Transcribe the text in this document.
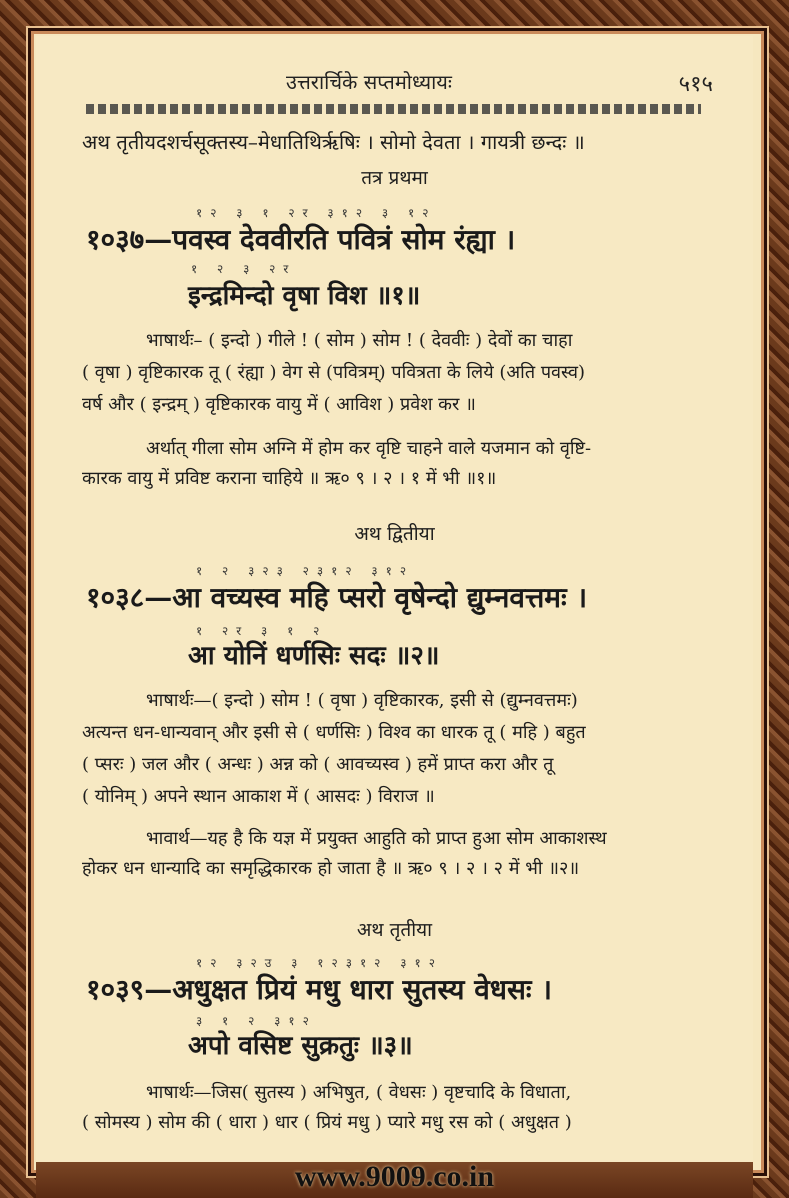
उत्तरार्चिके सप्तमोध्यायः	५१५
अथ तृतीयदशर्चसूक्तस्य–मेधातिथिर्ऋषिः । सोमो देवता । गायत्री छन्दः ॥
तत्र प्रथमा
१२ ३ १ २र ३१२ ३ १२
१०३७—पवस्व देववीरति पवित्रं सोम रंह्या ।
१ २ ३ २र
इन्द्रमिन्दो वृषा विश ॥१॥
भाषार्थः– ( इन्दो ) गीले ! ( सोम ) सोम ! ( देववीः ) देवों का चाहा
( वृषा ) वृष्टिकारक तू ( रंह्या ) वेग से (पवित्रम्) पवित्रता के लिये (अति पवस्व)
वर्ष और ( इन्द्रम् ) वृष्टिकारक वायु में ( आविश ) प्रवेश कर ॥
अर्थात् गीला सोम अग्नि में होम कर वृष्टि चाहने वाले यजमान को वृष्टि-
कारक वायु में प्रविष्ट कराना चाहिये ॥ ऋ० ९ । २ । १ में भी ॥१॥
अथ द्वितीया
१ २ ३२३ २३१२ ३१२
१०३८—आ वच्यस्व महि प्सरो वृषेन्दो द्युम्नवत्तमः ।
१ २र ३ १ २
आ योनिं धर्णसिः सदः ॥२॥
भाषार्थः—( इन्दो ) सोम ! ( वृषा ) वृष्टिकारक, इसी से (द्युम्नवत्तमः)
अत्यन्त धन-धान्यवान् और इसी से ( धर्णसिः ) विश्व का धारक तू ( महि ) बहुत
( प्सरः ) जल और ( अन्धः ) अन्न को ( आवच्यस्व ) हमें प्राप्त करा और तू
( योनिम् ) अपने स्थान आकाश में ( आसदः ) विराज ॥
भावार्थ—यह है कि यज्ञ में प्रयुक्त आहुति को प्राप्त हुआ सोम आकाशस्थ
होकर धन धान्यादि का समृद्धिकारक हो जाता है ॥ ऋ० ९ । २ । २ में भी ॥२॥
अथ तृतीया
१२ ३२उ ३ १२३१२ ३१२
१०३९—अधुक्षत प्रियं मधु धारा सुतस्य वेधसः ।
३ १ २ ३१२
अपो वसिष्ट सुक्रतुः ॥३॥
भाषार्थः—जिस( सुतस्य ) अभिषुत, ( वेधसः ) वृष्टचादि के विधाता,
( सोमस्य ) सोम की ( धारा ) धार ( प्रियं मधु ) प्यारे मधु रस को ( अधुक्षत )
www.9009.co.in
